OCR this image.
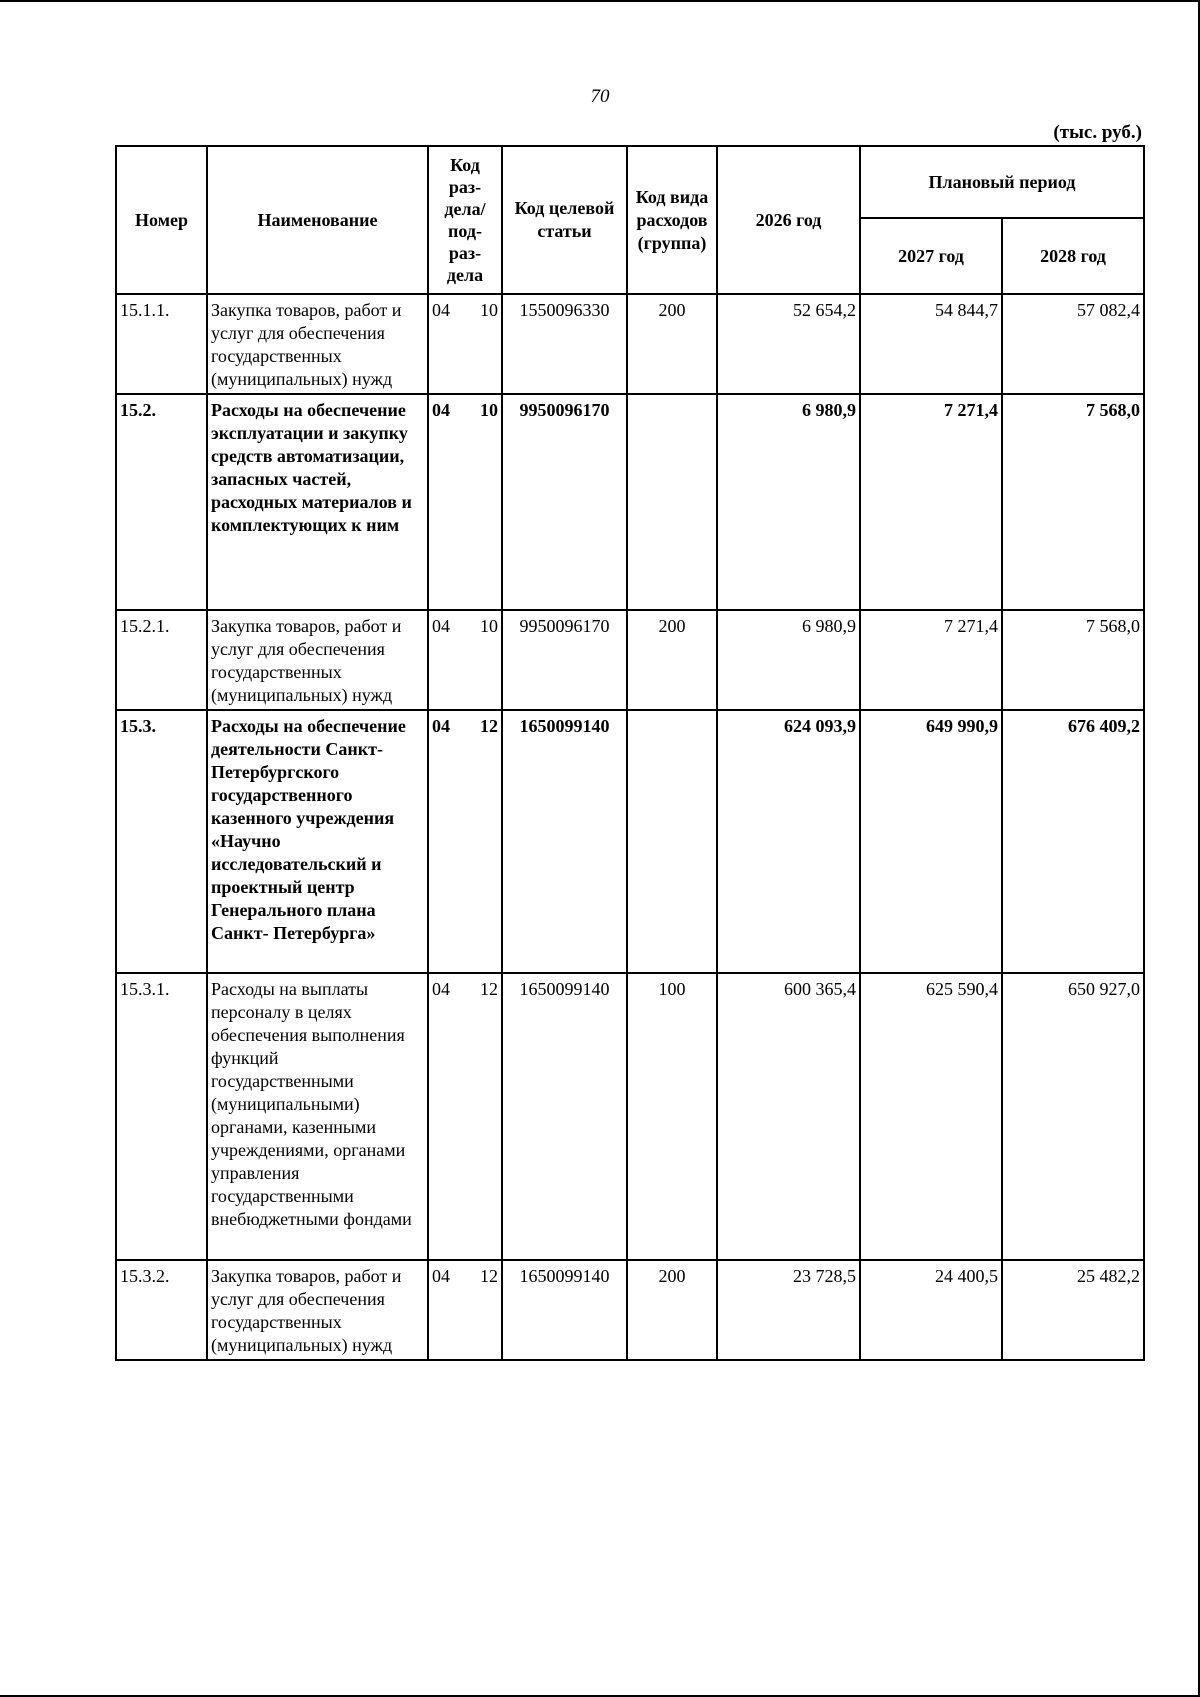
70
(тыс. руб.)
Номер	Наименование	Код раз- дела/ под- раз- дела	Код целевой статьи	Код вида расходов (группа)	2026 год	Плановый период	
						2027 год	2028 год
15.1.1.	Закупка товаров, работ и услуг для обеспечения государственных (муниципальных) нужд	04 10	1550096330	200	52 654,2	54 844,7	57 082,4
15.2.	Расходы на обеспечение эксплуатации и закупку средств автоматизации, запасных частей, расходных материалов и комплектующих к ним	04 10	9950096170		6 980,9	7 271,4	7 568,0
15.2.1.	Закупка товаров, работ и услуг для обеспечения государственных (муниципальных) нужд	04 10	9950096170	200	6 980,9	7 271,4	7 568,0
15.3.	Расходы на обеспечение деятельности Санкт-Петербургского государственного казенного учреждения «Научно исследовательский и проектный центр Генерального плана Санкт- Петербурга»	04 12	1650099140		624 093,9	649 990,9	676 409,2
15.3.1.	Расходы на выплаты персоналу в целях обеспечения выполнения функций государственными (муниципальными) органами, казенными учреждениями, органами управления государственными внебюджетными фондами	04 12	1650099140	100	600 365,4	625 590,4	650 927,0
15.3.2.	Закупка товаров, работ и услуг для обеспечения государственных (муниципальных) нужд	04 12	1650099140	200	23 728,5	24 400,5	25 482,2
